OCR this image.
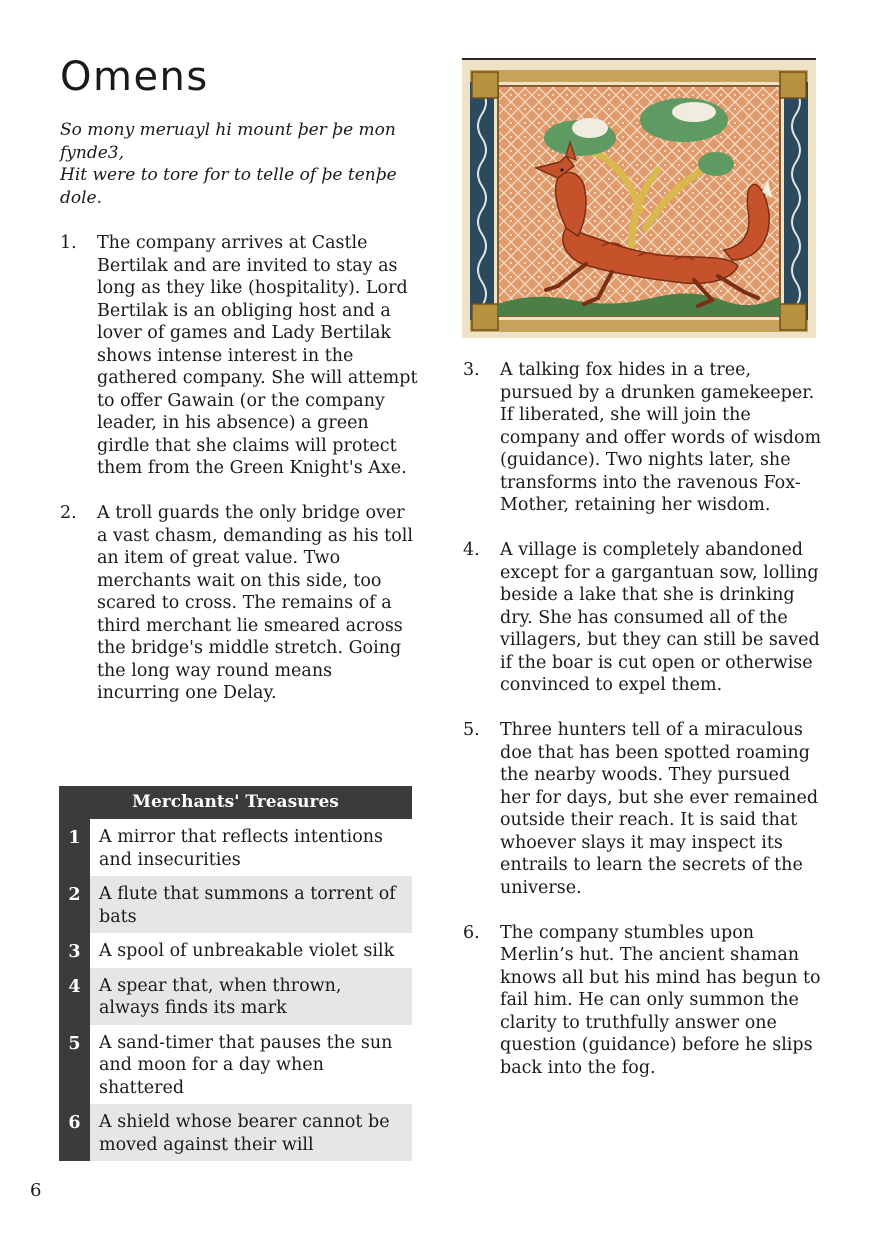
Omens
So mony meruayl hi mount þer þe mon fynde3,
Hit were to tore for to telle of þe tenþe dole.
1. The company arrives at Castle Bertilak and are invited to stay as long as they like (hospitality). Lord Bertilak is an obliging host and a lover of games and Lady Bertilak shows intense interest in the gathered company. She will attempt to offer Gawain (or the company leader, in his absence) a green girdle that she claims will protect them from the Green Knight's Axe.
2. A troll guards the only bridge over a vast chasm, demanding as his toll an item of great value. Two merchants wait on this side, too scared to cross. The remains of a third merchant lie smeared across the bridge's middle stretch. Going the long way round means incurring one Delay.
Merchants' Treasures	
1	A mirror that reflects intentions and insecurities
2	A flute that summons a torrent of bats
3	A spool of unbreakable violet silk
4	A spear that, when thrown, always finds its mark
5	A sand-timer that pauses the sun and moon for a day when shattered
6	A shield whose bearer cannot be moved against their will
3. A talking fox hides in a tree, pursued by a drunken gamekeeper. If liberated, she will join the company and offer words of wisdom (guidance). Two nights later, she transforms into the ravenous Fox-Mother, retaining her wisdom.
4. A village is completely abandoned except for a gargantuan sow, lolling beside a lake that she is drinking dry. She has consumed all of the villagers, but they can still be saved if the boar is cut open or otherwise convinced to expel them.
5. Three hunters tell of a miraculous doe that has been spotted roaming the nearby woods. They pursued her for days, but she ever remained outside their reach. It is said that whoever slays it may inspect its entrails to learn the secrets of the universe.
6. The company stumbles upon Merlin’s hut. The ancient shaman knows all but his mind has begun to fail him. He can only summon the clarity to truthfully answer one question (guidance) before he slips back into the fog.
6
